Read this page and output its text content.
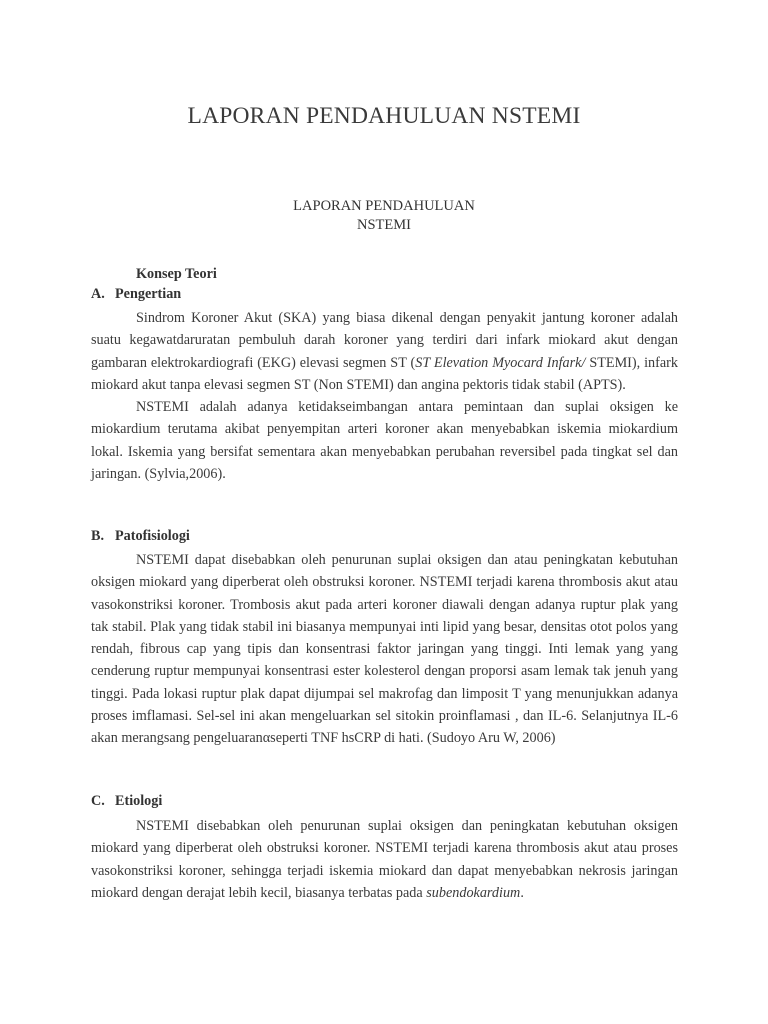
LAPORAN PENDAHULUAN NSTEMI
LAPORAN PENDAHULUAN
NSTEMI
Konsep Teori
A. Pengertian

Sindrom Koroner Akut (SKA) yang biasa dikenal dengan penyakit jantung koroner adalah suatu kegawatdaruratan pembuluh darah koroner yang terdiri dari infark miokard akut dengan gambaran elektrokardiografi (EKG) elevasi segmen ST (ST Elevation Myocard Infark/ STEMI), infark miokard akut tanpa elevasi segmen ST (Non STEMI) dan angina pektoris tidak stabil (APTS).

NSTEMI adalah adanya ketidakseimbangan antara pemintaan dan suplai oksigen ke miokardium terutama akibat penyempitan arteri koroner akan menyebabkan iskemia miokardium lokal. Iskemia yang bersifat sementara akan menyebabkan perubahan reversibel pada tingkat sel dan jaringan. (Sylvia,2006).

B. Patofisiologi

NSTEMI dapat disebabkan oleh penurunan suplai oksigen dan atau peningkatan kebutuhan oksigen miokard yang diperberat oleh obstruksi koroner. NSTEMI terjadi karena thrombosis akut atau vasokonstriksi koroner. Trombosis akut pada arteri koroner diawali dengan adanya ruptur plak yang tak stabil. Plak yang tidak stabil ini biasanya mempunyai inti lipid yang besar, densitas otot polos yang rendah, fibrous cap yang tipis dan konsentrasi faktor jaringan yang tinggi. Inti lemak yang yang cenderung ruptur mempunyai konsentrasi ester kolesterol dengan proporsi asam lemak tak jenuh yang tinggi. Pada lokasi ruptur plak dapat dijumpai sel makrofag dan limposit T yang menunjukkan adanya proses imflamasi. Sel-sel ini akan mengeluarkan sel sitokin proinflamasi , dan IL-6. Selanjutnya IL-6 akan merangsang pengeluaranαseperti TNF hsCRP di hati. (Sudoyo Aru W, 2006)

C. Etiologi

NSTEMI disebabkan oleh penurunan suplai oksigen dan peningkatan kebutuhan oksigen miokard yang diperberat oleh obstruksi koroner. NSTEMI terjadi karena thrombosis akut atau proses vasokonstriksi koroner, sehingga terjadi iskemia miokard dan dapat menyebabkan nekrosis jaringan miokard dengan derajat lebih kecil, biasanya terbatas pada subendokardium.
